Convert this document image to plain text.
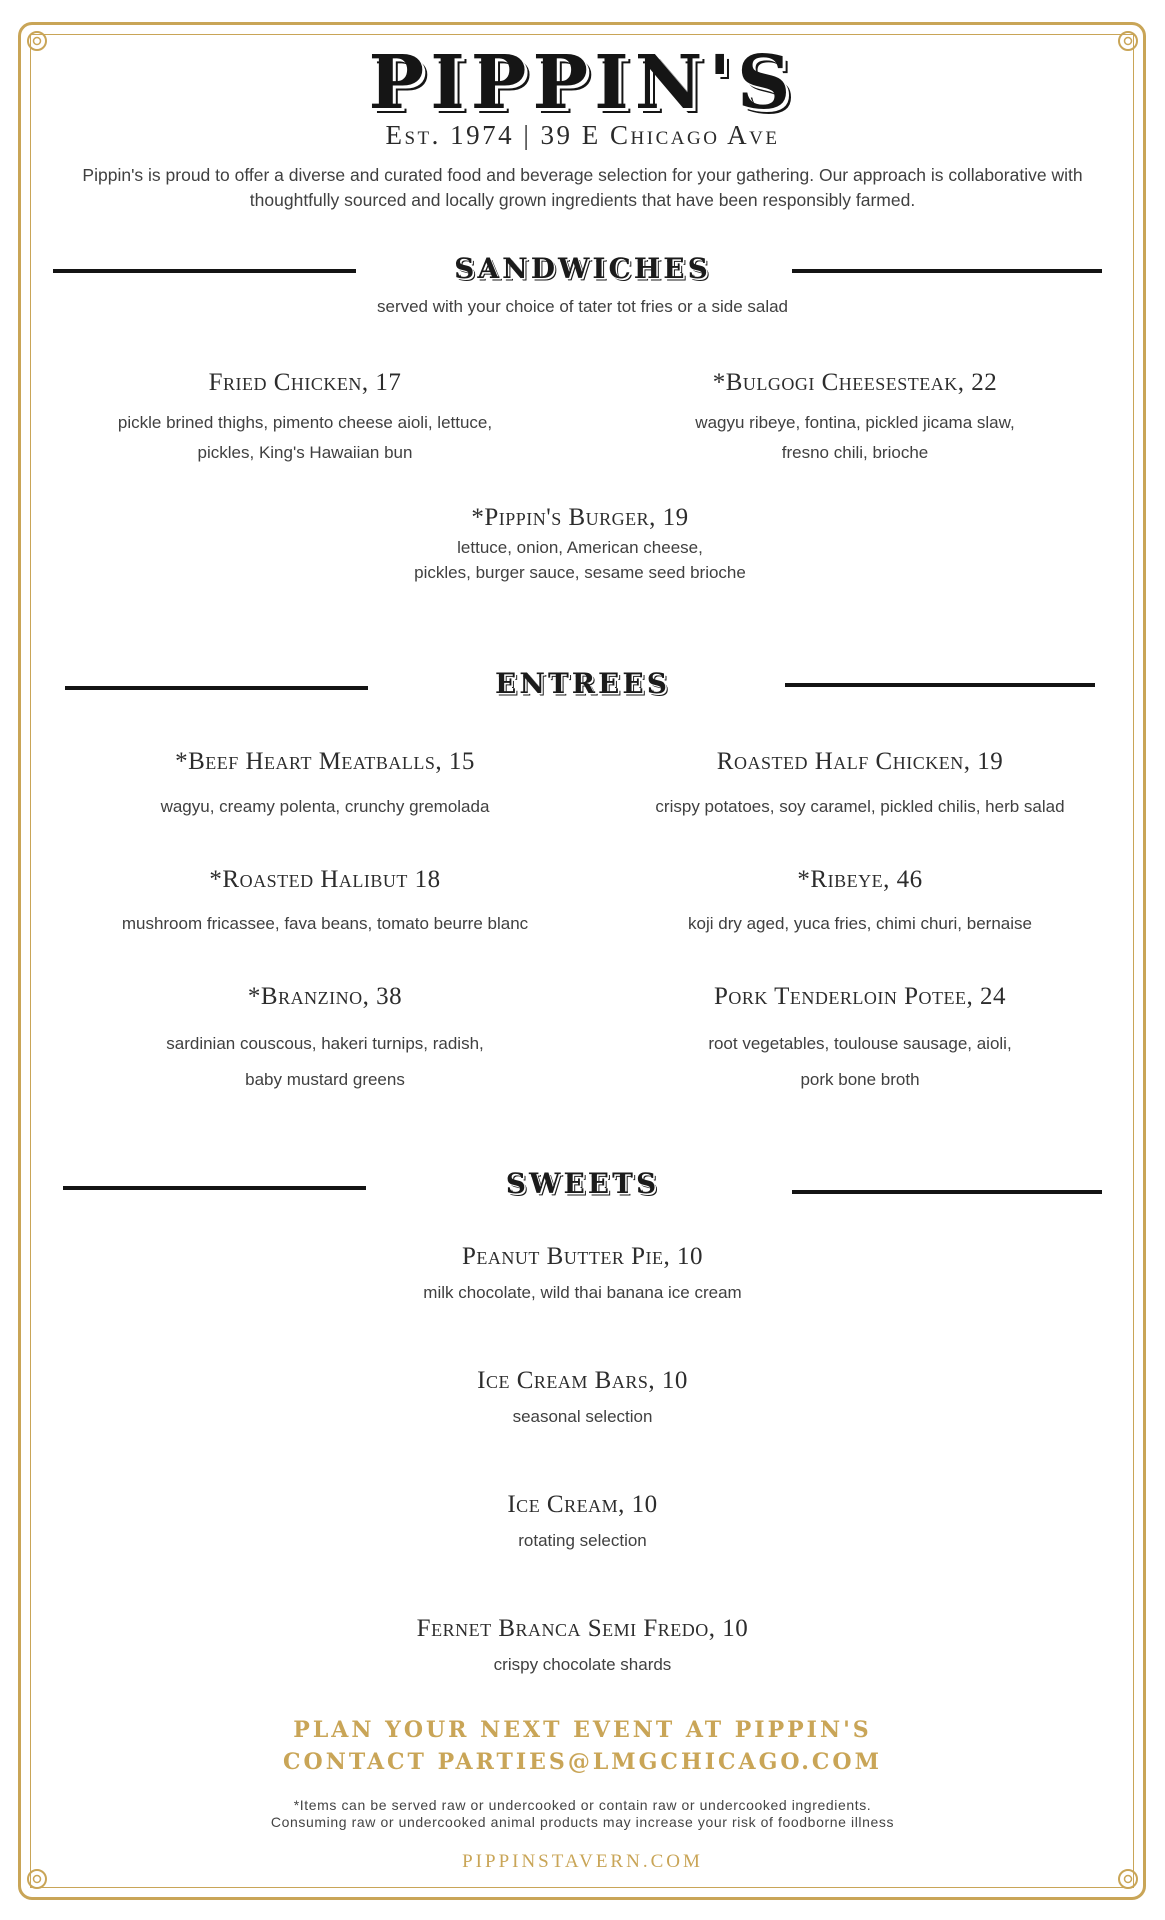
PIPPIN'S
Est. 1974 | 39 E Chicago Ave
Pippin's is proud to offer a diverse and curated food and beverage selection for your gathering. Our approach is collaborative with
thoughtfully sourced and locally grown ingredients that have been responsibly farmed.
SANDWICHES
served with your choice of tater tot fries or a side salad
Fried Chicken, 17
pickle brined thighs, pimento cheese aioli, lettuce,
pickles, King's Hawaiian bun
*Bulgogi Cheesesteak, 22
wagyu ribeye, fontina, pickled jicama slaw,
fresno chili, brioche
*Pippin's Burger, 19
lettuce, onion, American cheese,
pickles, burger sauce, sesame seed brioche
ENTREES
*Beef Heart Meatballs, 15
wagyu, creamy polenta, crunchy gremolada
Roasted Half Chicken, 19
crispy potatoes, soy caramel, pickled chilis, herb salad
*Roasted Halibut 18
mushroom fricassee, fava beans, tomato beurre blanc
*Ribeye, 46
koji dry aged, yuca fries, chimi churi, bernaise
*Branzino, 38
sardinian couscous, hakeri turnips, radish,
baby mustard greens
Pork Tenderloin Potee, 24
root vegetables, toulouse sausage, aioli,
pork bone broth
SWEETS
Peanut Butter Pie, 10
milk chocolate, wild thai banana ice cream
Ice Cream Bars, 10
seasonal selection
Ice Cream, 10
rotating selection
Fernet Branca Semi Fredo, 10
crispy chocolate shards
PLAN YOUR NEXT EVENT AT PIPPIN'S
CONTACT PARTIES@LMGCHICAGO.COM
*Items can be served raw or undercooked or contain raw or undercooked ingredients.
Consuming raw or undercooked animal products may increase your risk of foodborne illness
PIPPINSTAVERN.COM
